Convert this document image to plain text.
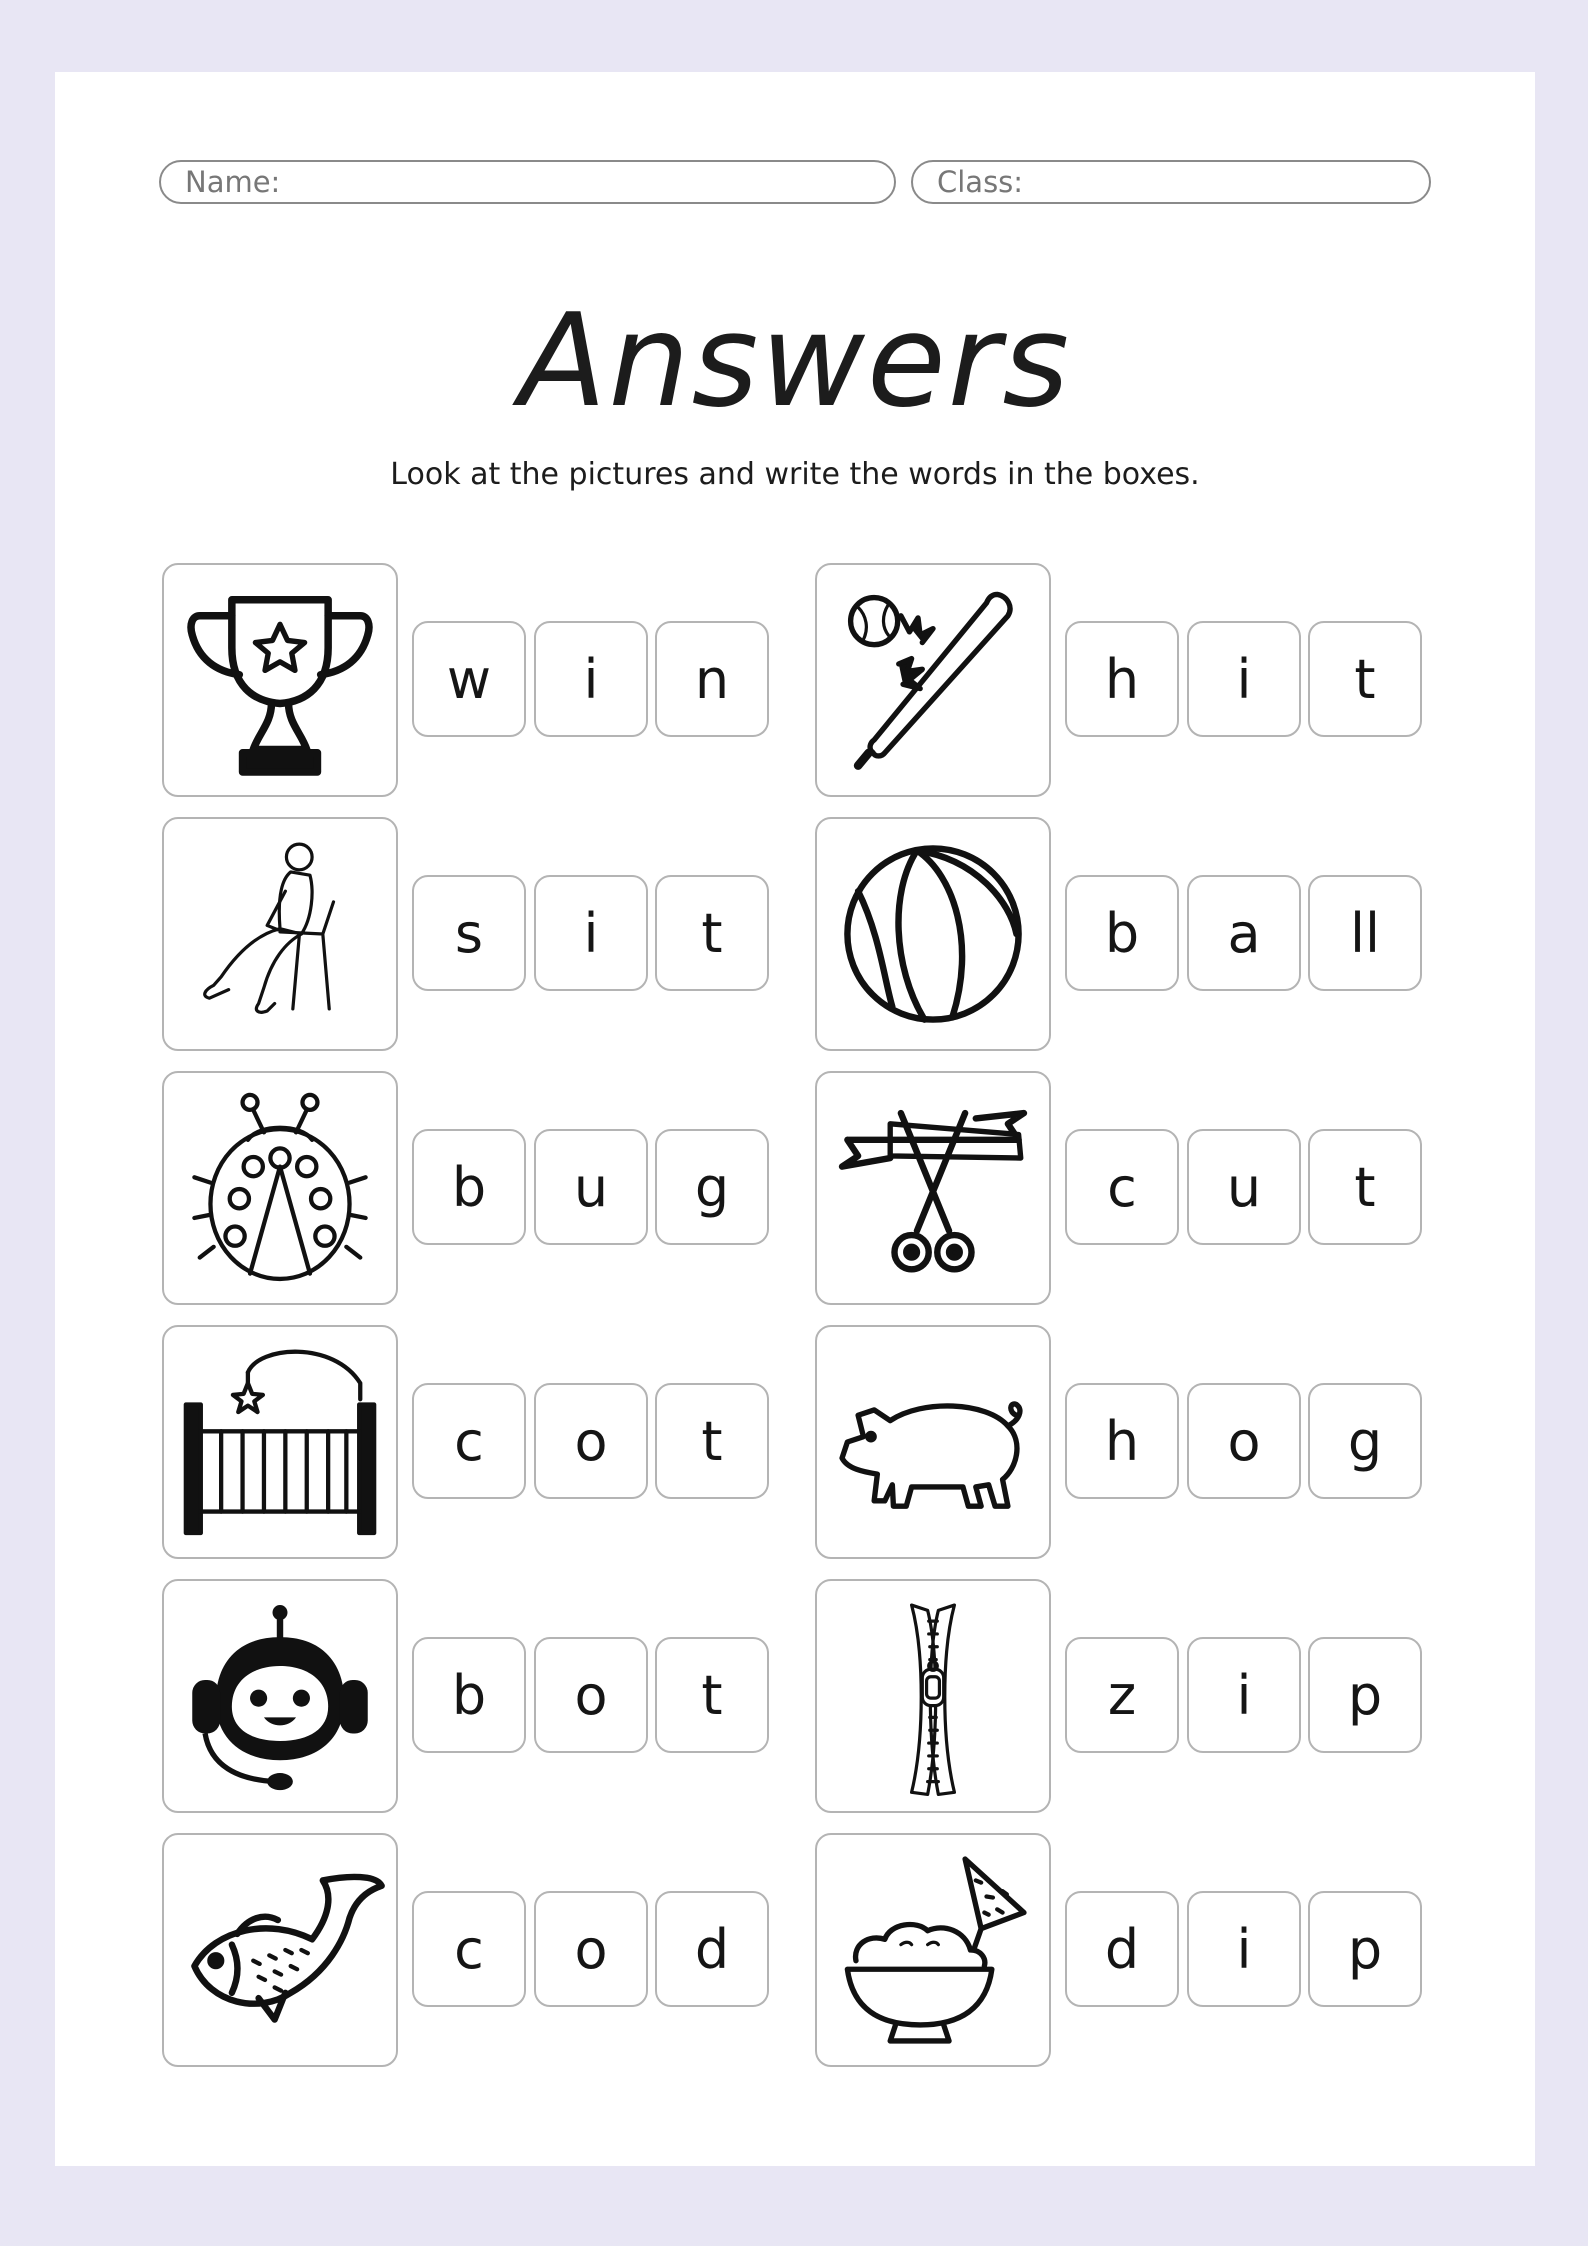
Name:	Class:
Answers
Look at the pictures and write the words in the boxes.
w	i	n	h	i	t
s	i	t	b	a	ll
b	u	g	c	u	t
c	o	t	h	o	g
b	o	t	z	i	p
c	o	d	d	i	p
